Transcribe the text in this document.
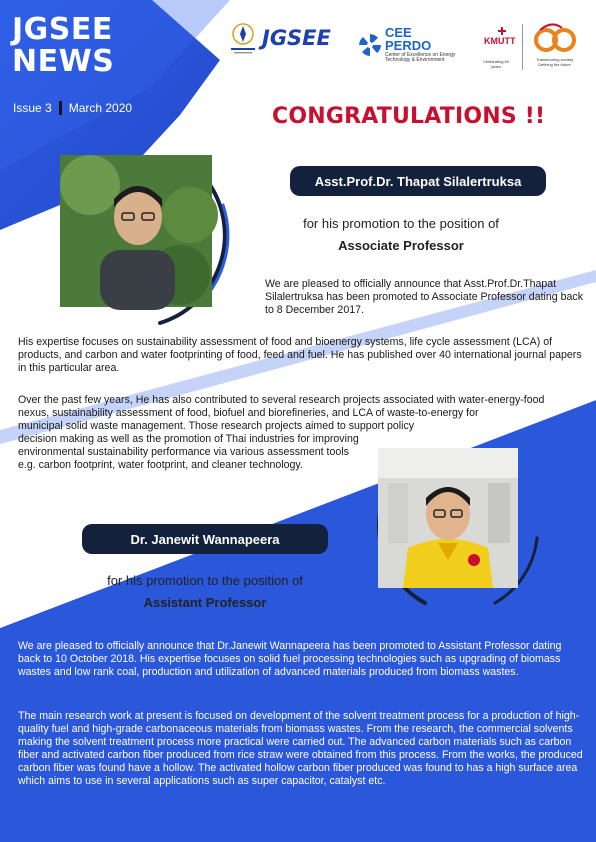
JGSEE
NEWS
Issue 3 March 2020
JGSEE	CEE
PERDO
Center of Excellence on Energy Technology & Environment
KMUTT
Celebrating 60 years
Transforming society. Defining the future.
CONGRATULATIONS !!
Asst.Prof.Dr. Thapat Silalertruksa
for his promotion to the position of
Associate Professor
We are pleased to officially announce that Asst.Prof.Dr.Thapat Silalertruksa has been promoted to Associate Professor dating back to 8 December 2017.
His expertise focuses on sustainability assessment of food and bioenergy systems, life cycle assessment (LCA) of products, and carbon and water footprinting of food, feed and fuel. He has published over 40 international journal papers in this particular area.
Over the past few years, He has also contributed to several research projects associated with water-energy-food
nexus, sustainability assessment of food, biofuel and biorefineries, and LCA of waste-to-energy for
municipal solid waste management. Those research projects aimed to support policy
decision making as well as the promotion of Thai industries for improving
environmental sustainability performance via various assessment tools
e.g. carbon footprint, water footprint, and cleaner technology.
Dr. Janewit Wannapeera
for his promotion to the position of
Assistant Professor
We are pleased to officially announce that Dr.Janewit Wannapeera has been promoted to Assistant Professor dating back to 10 October 2018. His expertise focuses on solid fuel processing technologies such as upgrading of biomass wastes and low rank coal, production and utilization of advanced materials produced from biomass wastes.
The main research work at present is focused on development of the solvent treatment process for a production of high-quality fuel and high-grade carbonaceous materials from biomass wastes. From the research, the commercial solvents making the solvent treatment process more practical were carried out. The advanced carbon materials such as carbon fiber and activated carbon fiber produced from rice straw were obtained from this process. From the works, the produced carbon fiber was found have a hollow. The activated hollow carbon fiber produced was found to has a high surface area which aims to use in several applications such as super capacitor, catalyst etc.
